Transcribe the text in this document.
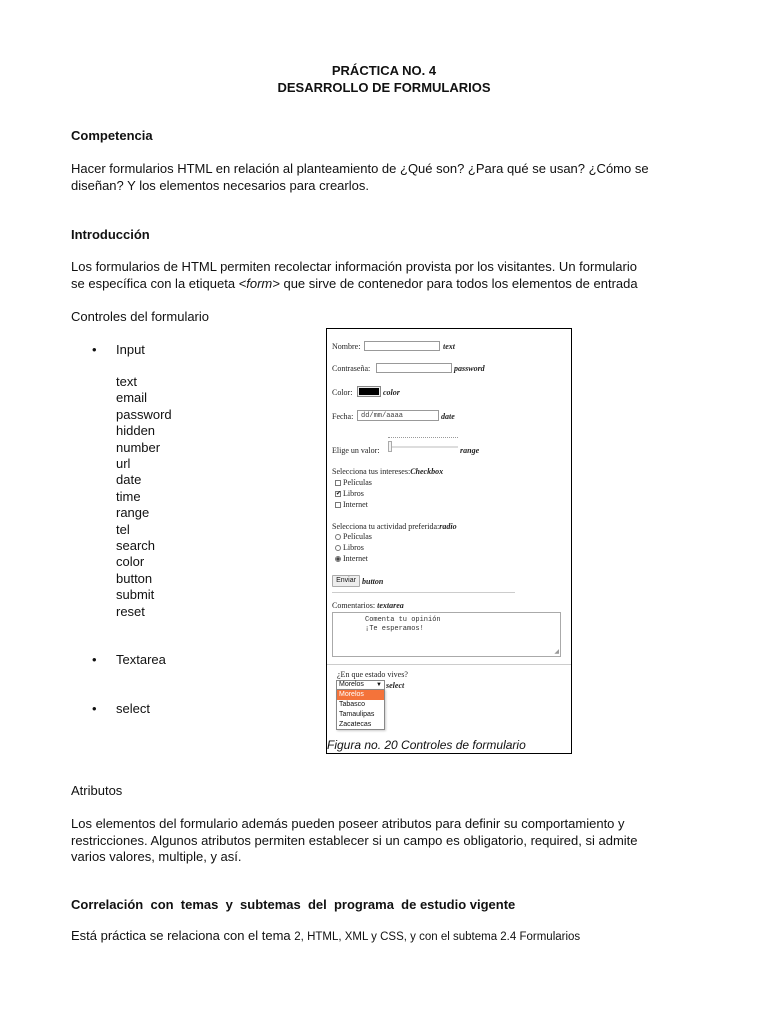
PRÁCTICA NO. 4
DESARROLLO DE FORMULARIOS
Competencia
Hacer formularios HTML en relación al planteamiento de ¿Qué son? ¿Para qué se usan? ¿Cómo se
diseñan? Y los elementos necesarios para crearlos.
Introducción
Los formularios de HTML permiten recolectar información provista por los visitantes. Un formulario
se específica con la etiqueta <form> que sirve de contenedor para todos los elementos de entrada
Controles del formulario
• Input
text
email
password
hidden
number
url
date
time
range
tel
search
color
button
submit
reset
• Textarea
• select
Nombre:	text
Contraseña:	password
Color:	color
Fecha: dd/mm/aaaa	date
Elige un valor:	range
Selecciona tus intereses:Checkbox
Películas
✔ Libros
Internet
Selecciona tu actividad preferida:radio
Películas
Libros
Internet
Enviar button
Comentarios: textarea
Comenta tu opinión
¡Te esperamos!
◢
¿En que estado vives?
Morelos ▼ select
Morelos
Tabasco
Tamaulipas
Zacatecas
Figura no. 20 Controles de formulario
Atributos
Los elementos del formulario además pueden poseer atributos para definir su comportamiento y
restricciones. Algunos atributos permiten establecer si un campo es obligatorio, required, si admite
varios valores, multiple, y así.
Correlación  con  temas  y  subtemas  del  programa  de estudio vigente
Está práctica se relaciona con el tema 2, HTML, XML y CSS, y con el subtema 2.4 Formularios
